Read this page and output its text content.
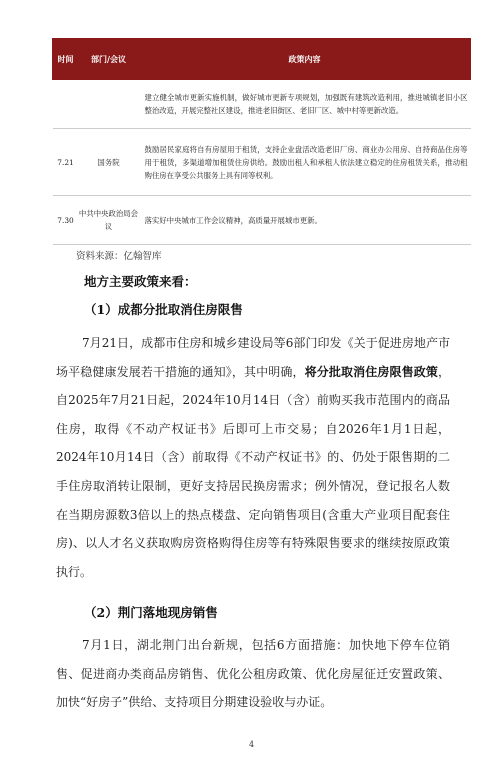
时间	部门/会议	政策内容
		建立健全城市更新实施机制，做好城市更新专项规划，加强既有建筑改造利用，推进城镇老旧小区整治改造，开展完整社区建设，推进老旧街区、老旧厂区、城中村等更新改造。
7.21	国务院	鼓励居民家庭将自有房屋用于租赁，支持企业盘活改造老旧厂房、商业办公用房、自持商品住房等用于租赁，多渠道增加租赁住房供给。鼓励出租人和承租人依法建立稳定的住房租赁关系，推动租购住房在享受公共服务上具有同等权利。
7.30	中共中央政治局会议	落实好中央城市工作会议精神，高质量开展城市更新。
资料来源：亿翰智库
地方主要政策来看：
（1）成都分批取消住房限售
7月21日，成都市住房和城乡建设局等6部门印发《关于促进房地产市场平稳健康发展若干措施的通知》，其中明确，将分批取消住房限售政策，自2025年7月21日起，2024年10月14日（含）前购买我市范围内的商品住房，取得《不动产权证书》后即可上市交易；自2026年1月1日起，2024年10月14日（含）前取得《不动产权证书》的、仍处于限售期的二手住房取消转让限制，更好支持居民换房需求；例外情况，登记报名人数在当期房源数3倍以上的热点楼盘、定向销售项目(含重大产业项目配套住房)、以人才名义获取购房资格购得住房等有特殊限售要求的继续按原政策执行。
（2）荆门落地现房销售
7月1日，湖北荆门出台新规，包括6方面措施：加快地下停车位销售、促进商办类商品房销售、优化公租房政策、优化房屋征迁安置政策、加快“好房子”供给、支持项目分期建设验收与办证。
4
